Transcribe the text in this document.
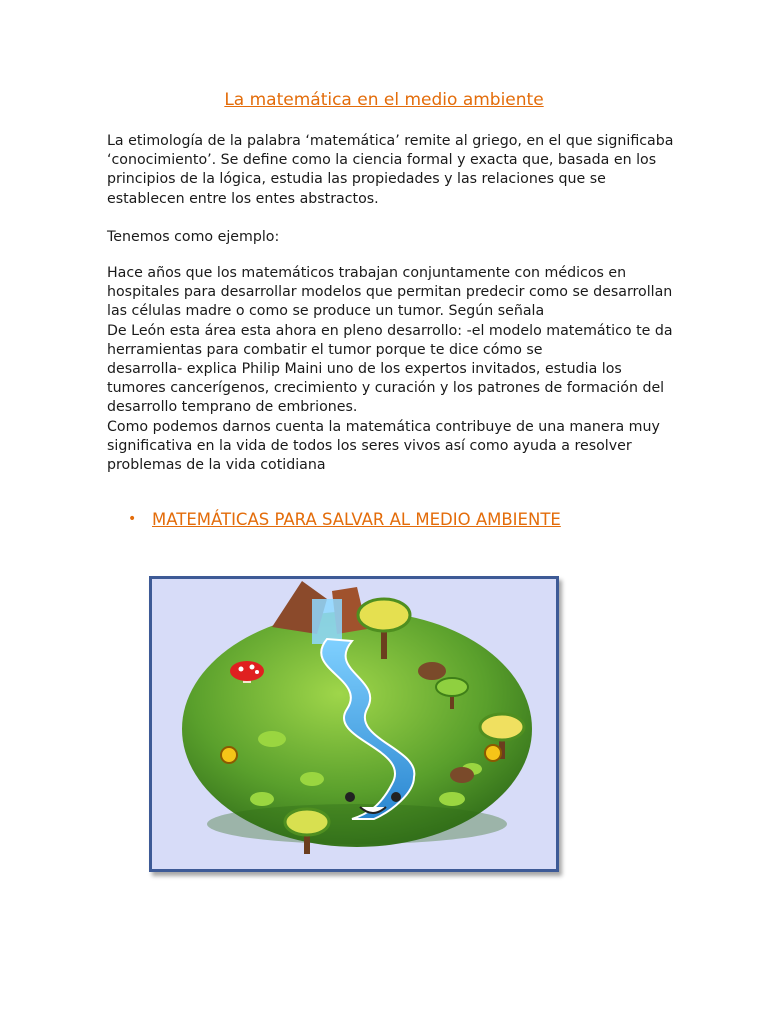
La matemática en el medio ambiente

La etimología de la palabra ‘matemática’ remite al griego, en el que significaba
‘conocimiento’. Se define como la ciencia formal y exacta que, basada en los
principios de la lógica, estudia las propiedades y las relaciones que se
establecen entre los entes abstractos.

Tenemos como ejemplo:

Hace años que los matemáticos trabajan conjuntamente con médicos en
hospitales para desarrollar modelos que permitan predecir como se desarrollan
las células madre o como se produce un tumor. Según señala
De León esta área esta ahora en pleno desarrollo: -el modelo matemático te da
herramientas para combatir el tumor porque te dice cómo se
desarrolla- explica Philip Maini uno de los expertos invitados, estudia los
tumores cancerígenos, crecimiento y curación y los patrones de formación del
desarrollo temprano de embriones.
Como podemos darnos cuenta la matemática contribuye de una manera muy
significativa en la vida de todos los seres vivos así como ayuda a resolver
problemas de la vida cotidiana

• MATEMÁTICAS PARA SALVAR AL MEDIO AMBIENTE
